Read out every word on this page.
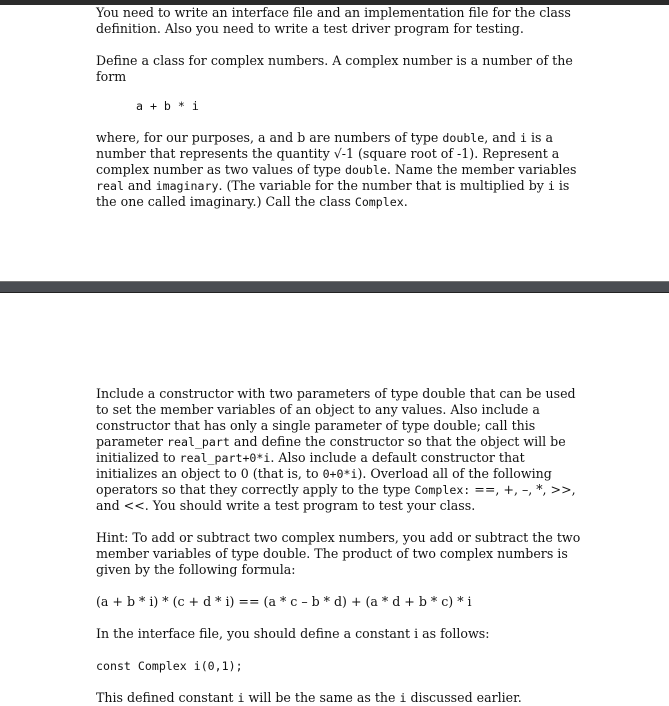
You need to write an interface file and an implementation file for the class
definition. Also you need to write a test driver program for testing.

Define a class for complex numbers. A complex number is a number of the form

a + b * i

where, for our purposes, a and b are numbers of type double, and i is a number that represents the quantity √-1 (square root of -1). Represent a complex number as two values of type double. Name the member variables real and imaginary. (The variable for the number that is multiplied by i is the one called imaginary.) Call the class Complex.

Include a constructor with two parameters of type double that can be used to set the member variables of an object to any values. Also include a constructor that has only a single parameter of type double; call this parameter real_part and define the constructor so that the object will be initialized to real_part+0*i. Also include a default constructor that initializes an object to 0 (that is, to 0+0*i). Overload all of the following operators so that they correctly apply to the type Complex: ==, +, –, *, >>, and <<. You should write a test program to test your class.

Hint: To add or subtract two complex numbers, you add or subtract the two member variables of type double. The product of two complex numbers is given by the following formula:

(a + b * i) * (c + d * i) == (a * c – b * d) + (a * d + b * c) * i

In the interface file, you should define a constant i as follows:

const Complex i(0,1);

This defined constant i will be the same as the i discussed earlier.
